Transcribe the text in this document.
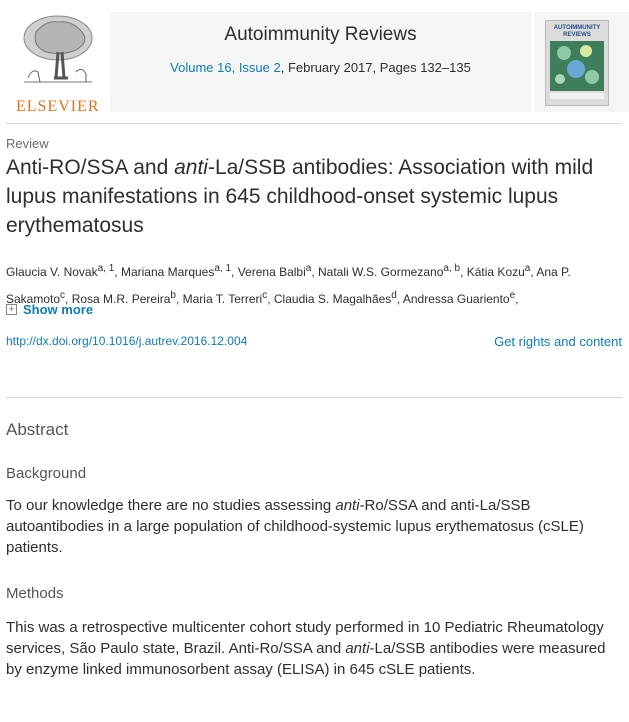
ELSEVIER
Autoimmunity Reviews
Volume 16, Issue 2, February 2017, Pages 132–135
AUTOIMMUNITY REVIEWS
Review
Anti-RO/SSA and anti-La/SSB antibodies: Association with mild lupus manifestations in 645 childhood-onset systemic lupus erythematosus
Glaucia V. Novak$^{a, 1}$, Mariana Marques$^{a, 1}$, Verena Balbi$^a$, Natali W.S. Gormezano$^{a, b}$, Kátia Kozu$^a$, Ana P. Sakamoto$^c$, Rosa M.R. Pereira$^b$, Maria T. Terreri$^c$, Claudia S. Magalhães$^d$, Andressa Guariento$^e$,
+ Show more
http://dx.doi.org/10.1016/j.autrev.2016.12.004	Get rights and content
Abstract
Background

To our knowledge there are no studies assessing anti-Ro/SSA and anti-La/SSB autoantibodies in a large population of childhood-systemic lupus erythematosus (cSLE) patients.

Methods

This was a retrospective multicenter cohort study performed in 10 Pediatric Rheumatology services, São Paulo state, Brazil. Anti-Ro/SSA and anti-La/SSB antibodies were measured by enzyme linked immunosorbent assay (ELISA) in 645 cSLE patients.
